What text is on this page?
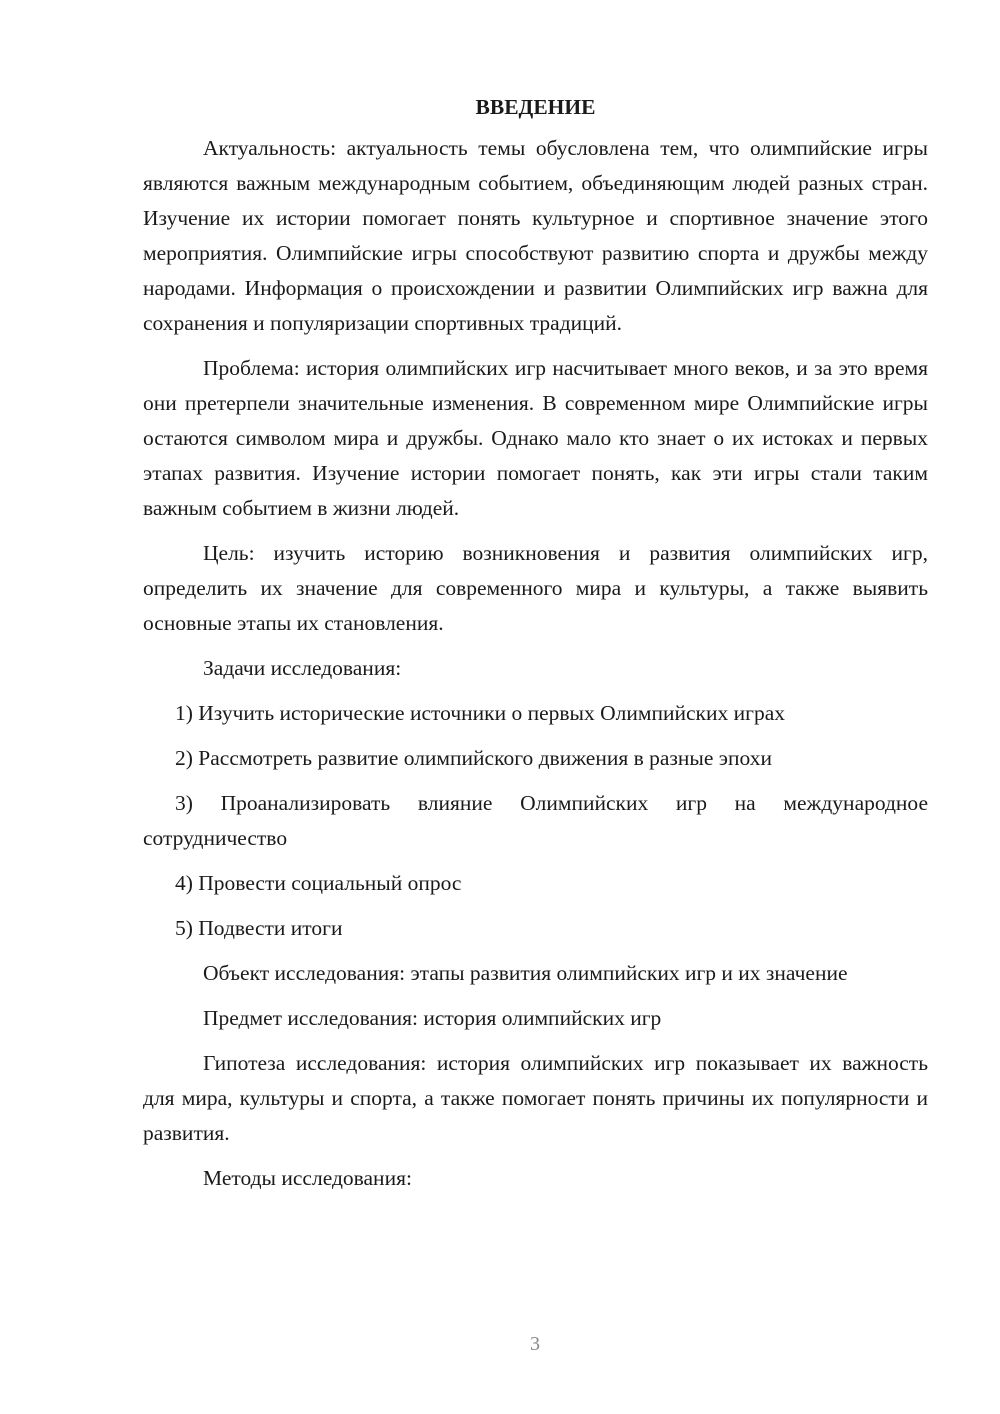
ВВЕДЕНИЕ
Актуальность: актуальность темы обусловлена тем, что олимпийские игры являются важным международным событием, объединяющим людей разных стран. Изучение их истории помогает понять культурное и спортивное значение этого мероприятия. Олимпийские игры способствуют развитию спорта и дружбы между народами. Информация о происхождении и развитии Олимпийских игр важна для сохранения и популяризации спортивных традиций.
Проблема: история олимпийских игр насчитывает много веков, и за это время они претерпели значительные изменения. В современном мире Олимпийские игры остаются символом мира и дружбы. Однако мало кто знает о их истоках и первых этапах развития. Изучение истории помогает понять, как эти игры стали таким важным событием в жизни людей.
Цель: изучить историю возникновения и развития олимпийских игр, определить их значение для современного мира и культуры, а также выявить основные этапы их становления.
Задачи исследования:
1) Изучить исторические источники о первых Олимпийских играх
2) Рассмотреть развитие олимпийского движения в разные эпохи
3) Проанализировать влияние Олимпийских игр на международное сотрудничество
4) Провести социальный опрос
5) Подвести итоги
Объект исследования: этапы развития олимпийских игр и их значение
Предмет исследования: история олимпийских игр
Гипотеза исследования: история олимпийских игр показывает их важность для мира, культуры и спорта, а также помогает понять причины их популярности и развития.
Методы исследования:
3
